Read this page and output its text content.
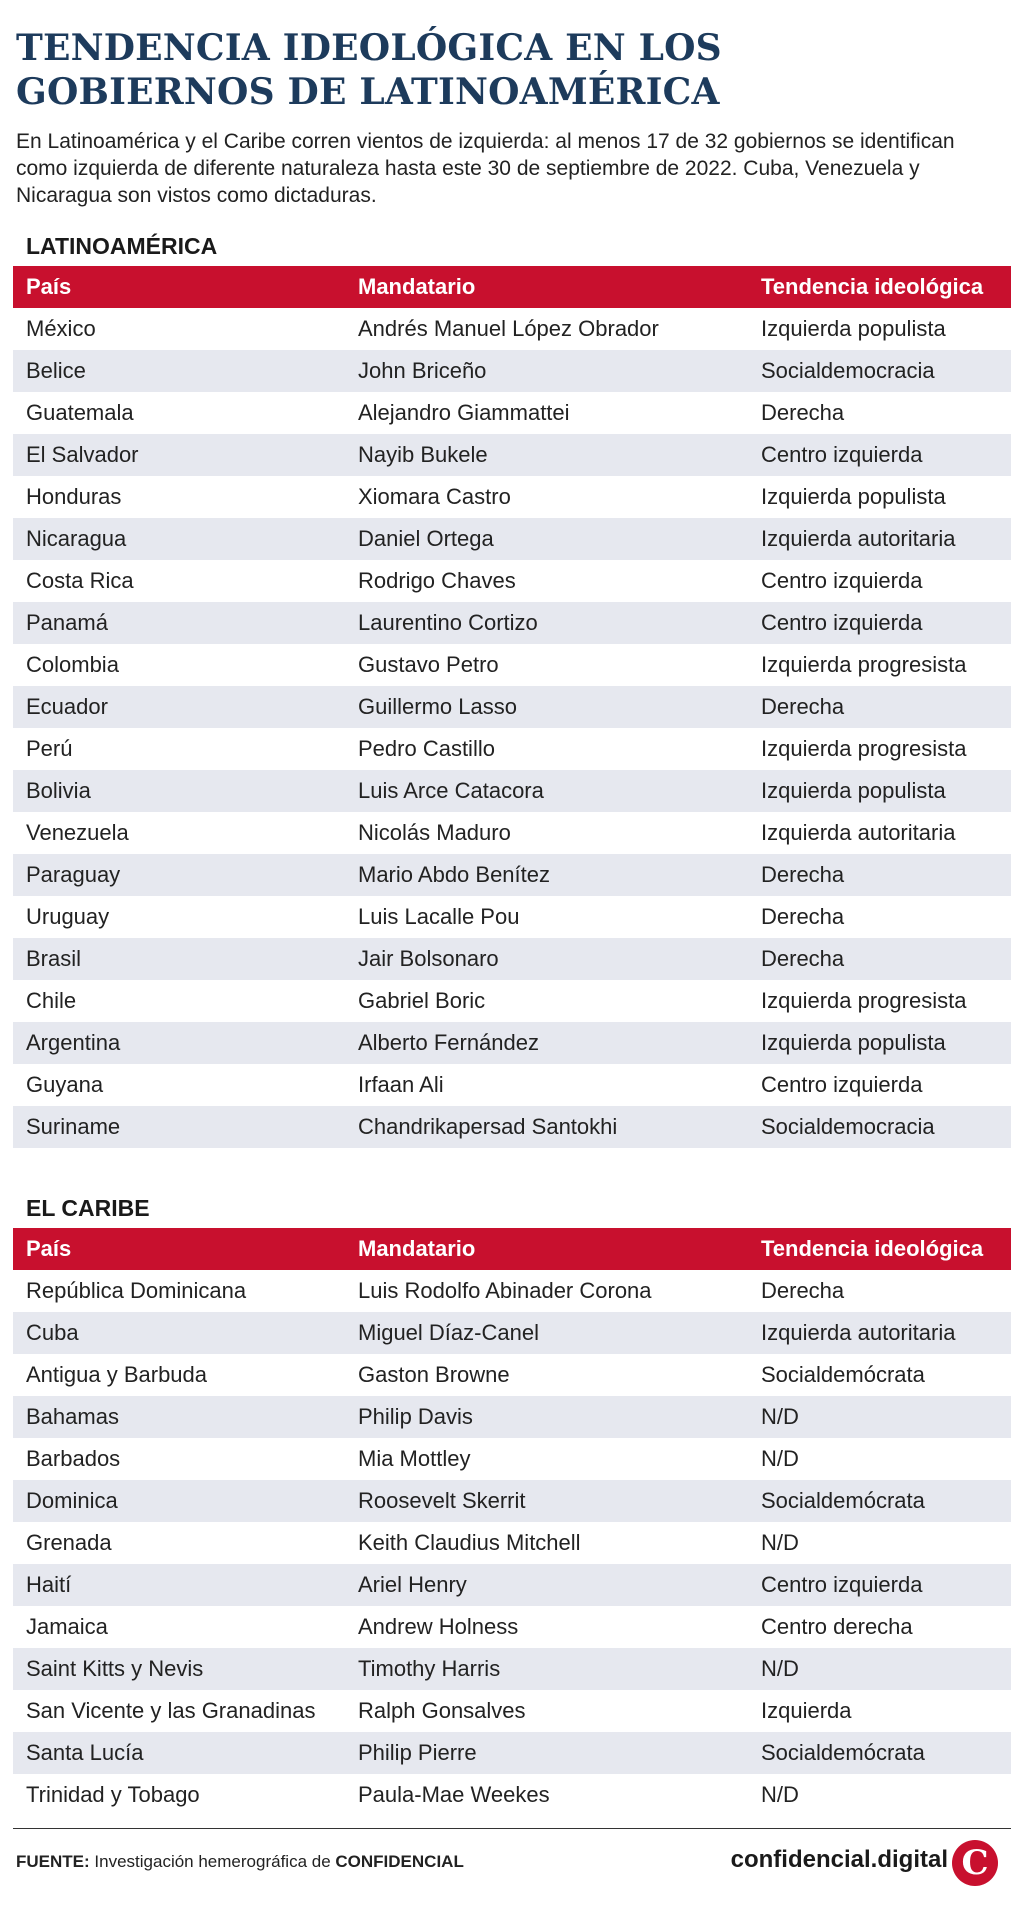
TENDENCIA IDEOLÓGICA EN LOS
GOBIERNOS DE LATINOAMÉRICA
En Latinoamérica y el Caribe corren vientos de izquierda: al menos 17 de 32 gobiernos se identifican como izquierda de diferente naturaleza hasta este 30 de septiembre de 2022. Cuba, Venezuela y Nicaragua son vistos como dictaduras.
LATINOAMÉRICA
País	Mandatario	Tendencia ideológica
México	Andrés Manuel López Obrador	Izquierda populista
Belice	John Briceño	Socialdemocracia
Guatemala	Alejandro Giammattei	Derecha
El Salvador	Nayib Bukele	Centro izquierda
Honduras	Xiomara Castro	Izquierda populista
Nicaragua	Daniel Ortega	Izquierda autoritaria
Costa Rica	Rodrigo Chaves	Centro izquierda
Panamá	Laurentino Cortizo	Centro izquierda
Colombia	Gustavo Petro	Izquierda progresista
Ecuador	Guillermo Lasso	Derecha
Perú	Pedro Castillo	Izquierda progresista
Bolivia	Luis Arce Catacora	Izquierda populista
Venezuela	Nicolás Maduro	Izquierda autoritaria
Paraguay	Mario Abdo Benítez	Derecha
Uruguay	Luis Lacalle Pou	Derecha
Brasil	Jair Bolsonaro	Derecha
Chile	Gabriel Boric	Izquierda progresista
Argentina	Alberto Fernández	Izquierda populista
Guyana	Irfaan Ali	Centro izquierda
Suriname	Chandrikapersad Santokhi	Socialdemocracia
EL CARIBE
País	Mandatario	Tendencia ideológica
República Dominicana	Luis Rodolfo Abinader Corona	Derecha
Cuba	Miguel Díaz-Canel	Izquierda autoritaria
Antigua y Barbuda	Gaston Browne	Socialdemócrata
Bahamas	Philip Davis	N/D
Barbados	Mia Mottley	N/D
Dominica	Roosevelt Skerrit	Socialdemócrata
Grenada	Keith Claudius Mitchell	N/D
Haití	Ariel Henry	Centro izquierda
Jamaica	Andrew Holness	Centro derecha
Saint Kitts y Nevis	Timothy Harris	N/D
San Vicente y las Granadinas	Ralph Gonsalves	Izquierda
Santa Lucía	Philip Pierre	Socialdemócrata
Trinidad y Tobago	Paula-Mae Weekes	N/D
FUENTE: Investigación hemerográfica de CONFIDENCIAL	confidencial.digital C
